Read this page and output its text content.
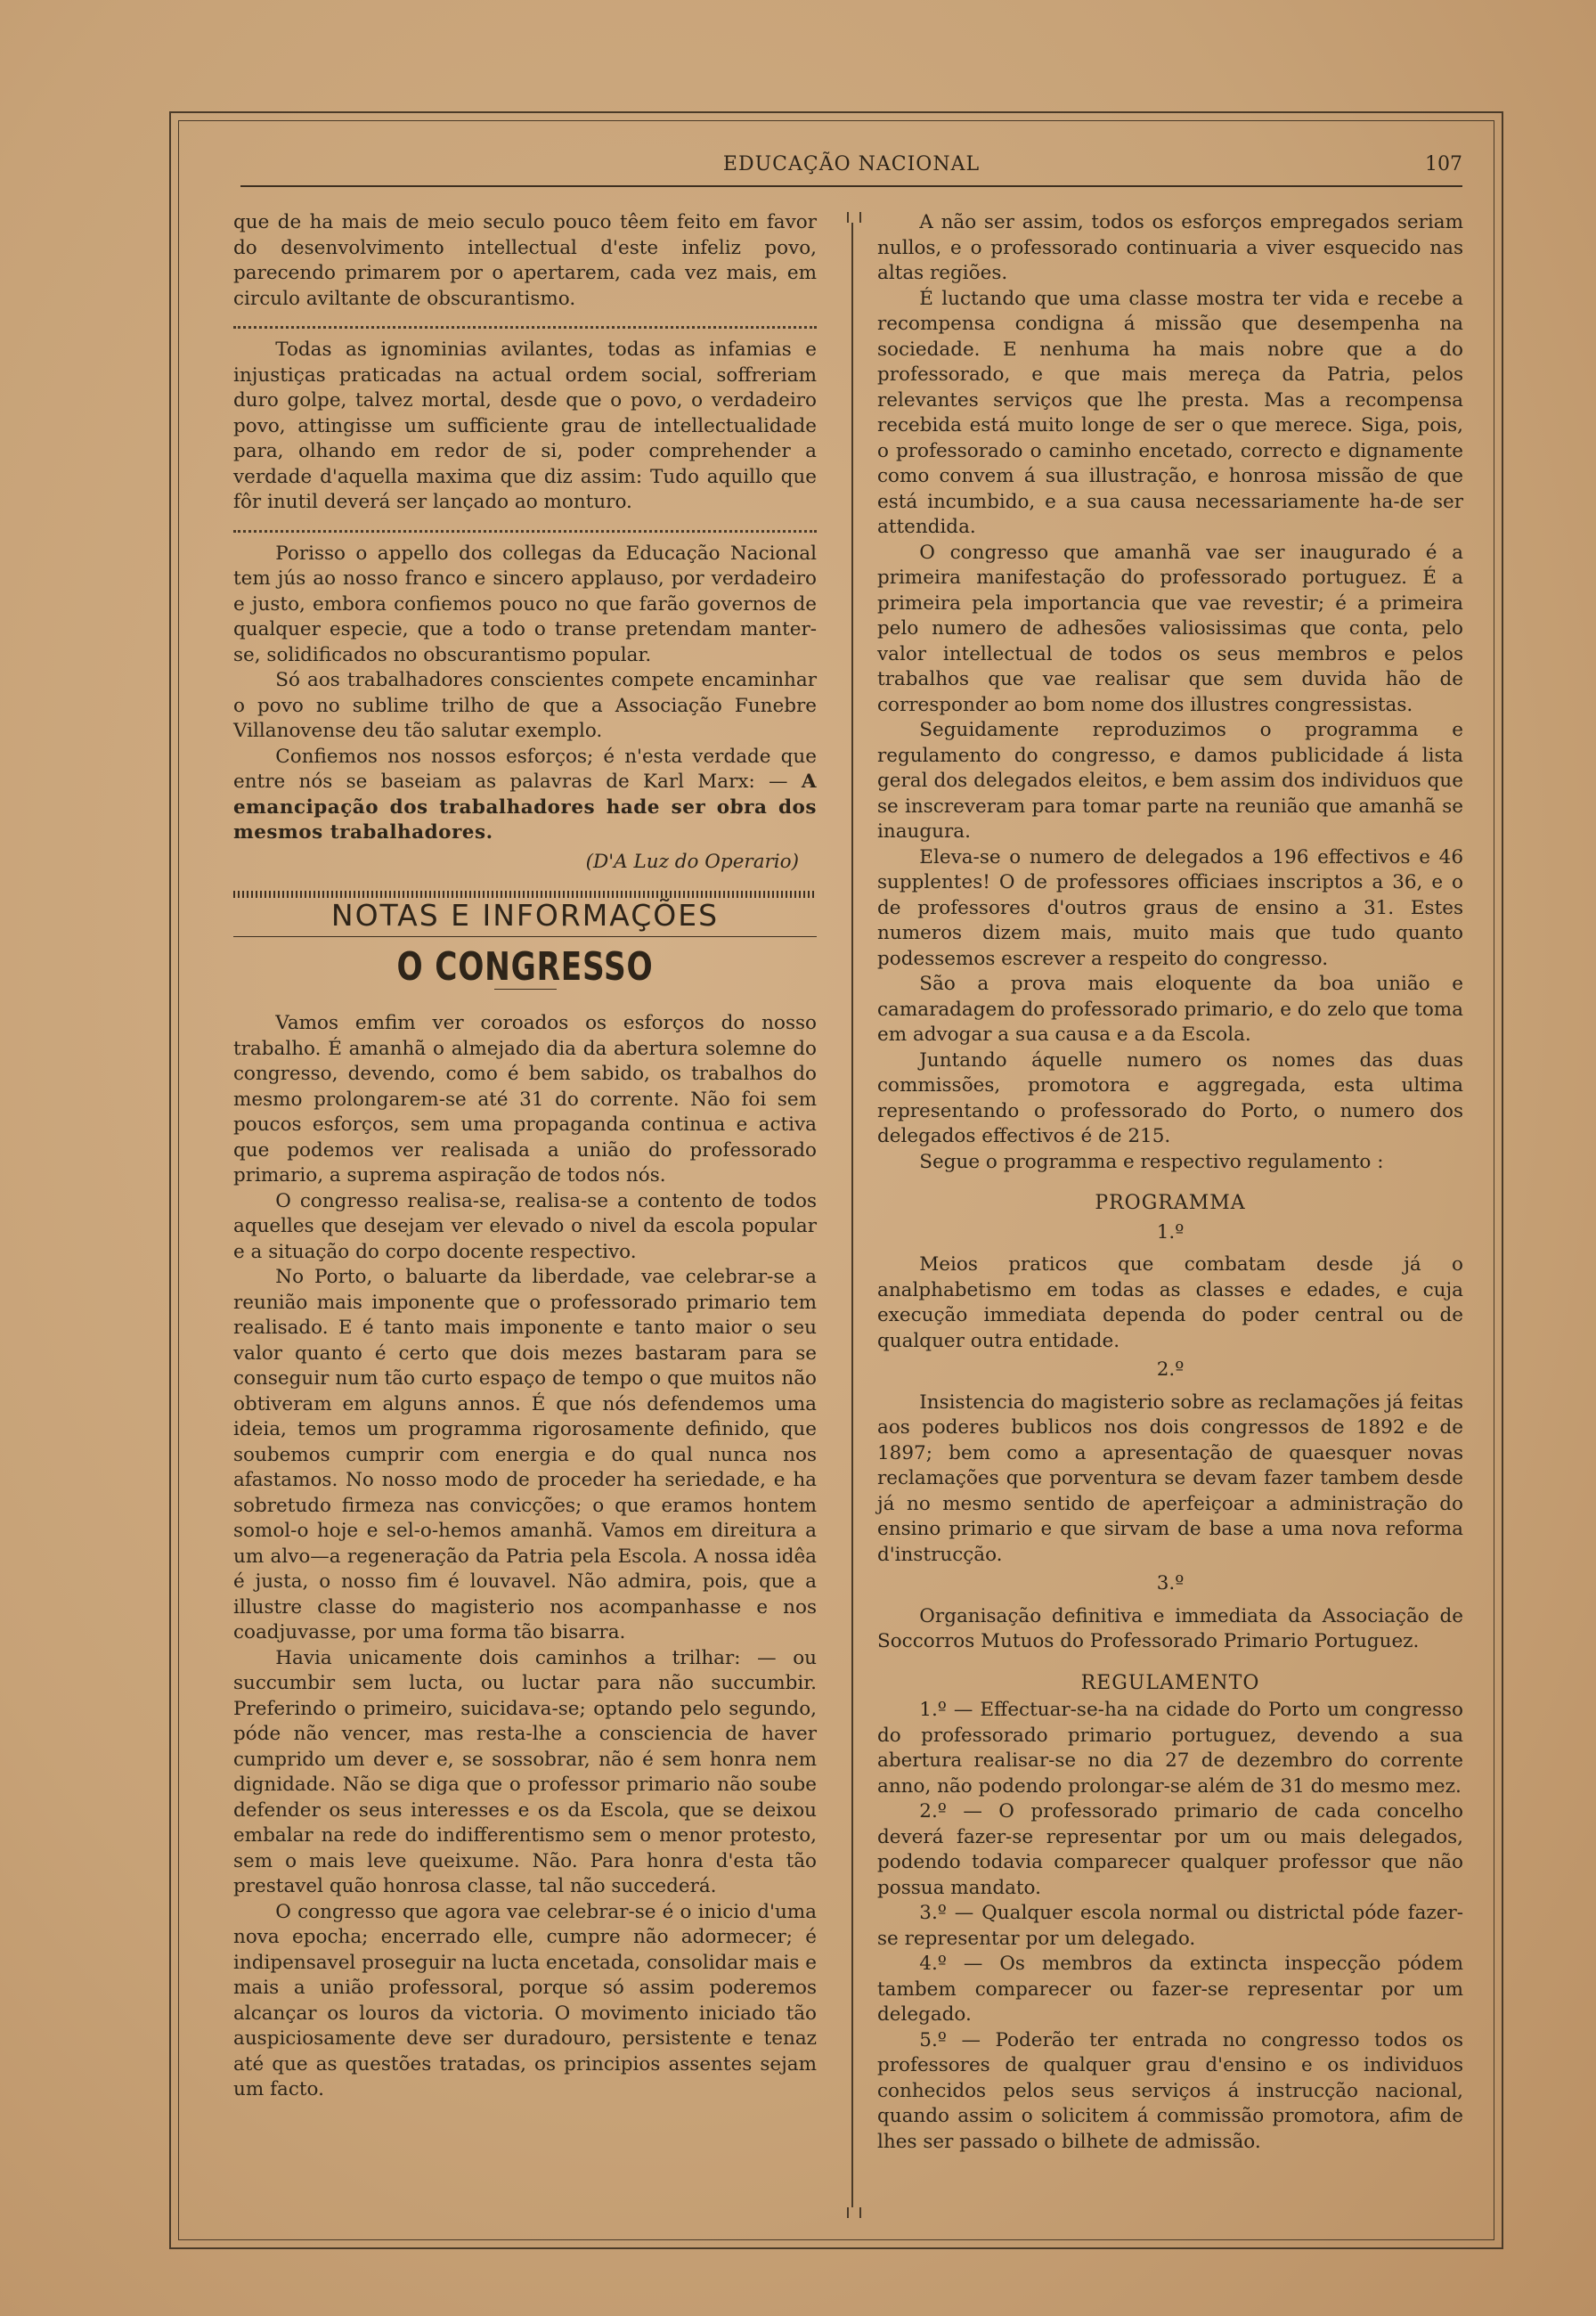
EDUCAÇÃO NACIONAL	107

que de ha mais de meio seculo pouco têem feito em favor do desenvolvimento intellectual d'este infeliz povo, parecendo primarem por o apertarem, cada vez mais, em circulo aviltante de obscurantismo.

Todas as ignominias avilantes, todas as infamias e injustiças praticadas na actual ordem social, soffreriam duro golpe, talvez mortal, desde que o povo, o verdadeiro povo, attingisse um sufficiente grau de intellectualidade para, olhando em redor de si, poder comprehender a verdade d'aquella maxima que diz assim: Tudo aquillo que fôr inutil deverá ser lançado ao monturo.

Porisso o appello dos collegas da Educação Nacional tem jús ao nosso franco e sincero applauso, por verdadeiro e justo, embora confiemos pouco no que farão governos de qualquer especie, que a todo o transe pretendam manter-se, solidificados no obscurantismo popular.

Só aos trabalhadores conscientes compete encaminhar o povo no sublime trilho de que a Associação Funebre Villanovense deu tão salutar exemplo.

Confiemos nos nossos esforços; é n'esta verdade que entre nós se baseiam as palavras de Karl Marx: — A emancipação dos trabalhadores hade ser obra dos mesmos trabalhadores.

(D'A Luz do Operario)

NOTAS E INFORMAÇÕES
O CONGRESSO

Vamos emfim ver coroados os esforços do nosso trabalho. É amanhã o almejado dia da abertura solemne do congresso, devendo, como é bem sabido, os trabalhos do mesmo prolongarem-se até 31 do corrente. Não foi sem poucos esforços, sem uma propaganda continua e activa que podemos ver realisada a união do professorado primario, a suprema aspiração de todos nós.

O congresso realisa-se, realisa-se a contento de todos aquelles que desejam ver elevado o nivel da escola popular e a situação do corpo docente respectivo.

No Porto, o baluarte da liberdade, vae celebrar-se a reunião mais imponente que o professorado primario tem realisado. E é tanto mais imponente e tanto maior o seu valor quanto é certo que dois mezes bastaram para se conseguir num tão curto espaço de tempo o que muitos não obtiveram em alguns annos. É que nós defendemos uma ideia, temos um programma rigorosamente definido, que soubemos cumprir com energia e do qual nunca nos afastamos. No nosso modo de proceder ha seriedade, e ha sobretudo firmeza nas convicções; o que eramos hontem somol-o hoje e sel-o-hemos amanhã. Vamos em direitura a um alvo—a regeneração da Patria pela Escola. A nossa idêa é justa, o nosso fim é louvavel. Não admira, pois, que a illustre classe do magisterio nos acompanhasse e nos coadjuvasse, por uma forma tão bisarra.

Havia unicamente dois caminhos a trilhar: — ou succumbir sem lucta, ou luctar para não succumbir. Preferindo o primeiro, suicidava-se; optando pelo segundo, póde não vencer, mas resta-lhe a consciencia de haver cumprido um dever e, se sossobrar, não é sem honra nem dignidade. Não se diga que o professor primario não soube defender os seus interesses e os da Escola, que se deixou embalar na rede do indifferentismo sem o menor protesto, sem o mais leve queixume. Não. Para honra d'esta tão prestavel quão honrosa classe, tal não succederá.

O congresso que agora vae celebrar-se é o inicio d'uma nova epocha; encerrado elle, cumpre não adormecer; é indipensavel proseguir na lucta encetada, consolidar mais e mais a união professoral, porque só assim poderemos alcançar os louros da victoria. O movimento iniciado tão auspiciosamente deve ser duradouro, persistente e tenaz até que as questões tratadas, os principios assentes sejam um facto.

A não ser assim, todos os esforços empregados seriam nullos, e o professorado continuaria a viver esquecido nas altas regiões.

É luctando que uma classe mostra ter vida e recebe a recompensa condigna á missão que desempenha na sociedade. E nenhuma ha mais nobre que a do professorado, e que mais mereça da Patria, pelos relevantes serviços que lhe presta. Mas a recompensa recebida está muito longe de ser o que merece. Siga, pois, o professorado o caminho encetado, correcto e dignamente como convem á sua illustração, e honrosa missão de que está incumbido, e a sua causa necessariamente ha-de ser attendida.

O congresso que amanhã vae ser inaugurado é a primeira manifestação do professorado portuguez. É a primeira pela importancia que vae revestir; é a primeira pelo numero de adhesões valiosissimas que conta, pelo valor intellectual de todos os seus membros e pelos trabalhos que vae realisar que sem duvida hão de corresponder ao bom nome dos illustres congressistas.

Seguidamente reproduzimos o programma e regulamento do congresso, e damos publicidade á lista geral dos delegados eleitos, e bem assim dos individuos que se inscreveram para tomar parte na reunião que amanhã se inaugura.

Eleva-se o numero de delegados a 196 effectivos e 46 supplentes! O de professores officiaes inscriptos a 36, e o de professores d'outros graus de ensino a 31. Estes numeros dizem mais, muito mais que tudo quanto podessemos escrever a respeito do congresso.

São a prova mais eloquente da boa união e camaradagem do professorado primario, e do zelo que toma em advogar a sua causa e a da Escola.

Juntando áquelle numero os nomes das duas commissões, promotora e aggregada, esta ultima representando o professorado do Porto, o numero dos delegados effectivos é de 215.

Segue o programma e respectivo regulamento :

PROGRAMMA
1.º

Meios praticos que combatam desde já o analphabetismo em todas as classes e edades, e cuja execução immediata dependa do poder central ou de qualquer outra entidade.

2.º

Insistencia do magisterio sobre as reclamações já feitas aos poderes bublicos nos dois congressos de 1892 e de 1897; bem como a apresentação de quaesquer novas reclamações que porventura se devam fazer tambem desde já no mesmo sentido de aperfeiçoar a administração do ensino primario e que sirvam de base a uma nova reforma d'instrucção.

3.º

Organisação definitiva e immediata da Associação de Soccorros Mutuos do Professorado Primario Portuguez.

REGULAMENTO

1.º — Effectuar-se-ha na cidade do Porto um congresso do professorado primario portuguez, devendo a sua abertura realisar-se no dia 27 de dezembro do corrente anno, não podendo prolongar-se além de 31 do mesmo mez.

2.º — O professorado primario de cada concelho deverá fazer-se representar por um ou mais delegados, podendo todavia comparecer qualquer professor que não possua mandato.

3.º — Qualquer escola normal ou districtal póde fazer-se representar por um delegado.

4.º — Os membros da extincta inspecção pódem tambem comparecer ou fazer-se representar por um delegado.

5.º — Poderão ter entrada no congresso todos os professores de qualquer grau d'ensino e os individuos conhecidos pelos seus serviços á instrucção nacional, quando assim o solicitem á commissão promotora, afim de lhes ser passado o bilhete de admissão.
